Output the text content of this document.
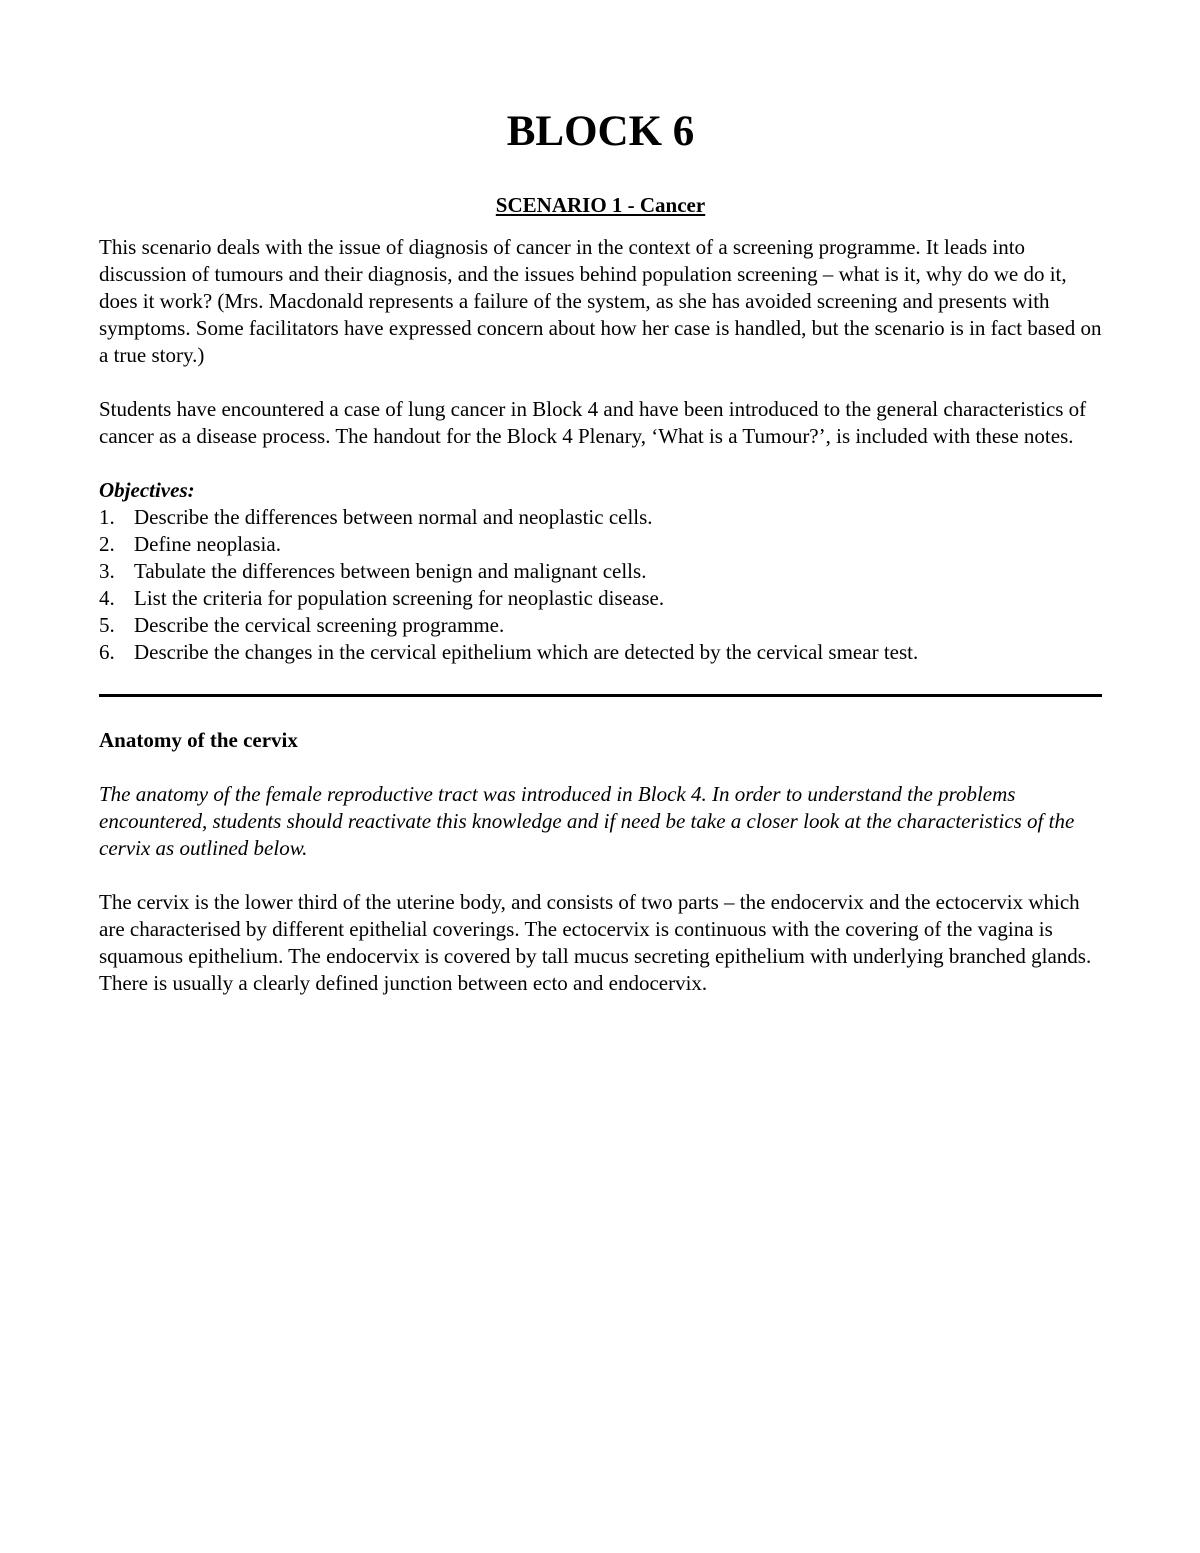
BLOCK 6
SCENARIO 1 - Cancer

This scenario deals with the issue of diagnosis of cancer in the context of a screening programme. It leads into discussion of tumours and their diagnosis, and the issues behind population screening – what is it, why do we do it, does it work? (Mrs. Macdonald represents a failure of the system, as she has avoided screening and presents with symptoms. Some facilitators have expressed concern about how her case is handled, but the scenario is in fact based on a true story.)

Students have encountered a case of lung cancer in Block 4 and have been introduced to the general characteristics of cancer as a disease process. The handout for the Block 4 Plenary, ‘What is a Tumour?’, is included with these notes.

Objectives:

1. Describe the differences between normal and neoplastic cells.
2. Define neoplasia.
3. Tabulate the differences between benign and malignant cells.
4. List the criteria for population screening for neoplastic disease.
5. Describe the cervical screening programme.
6. Describe the changes in the cervical epithelium which are detected by the cervical smear test.

Anatomy of the cervix

The anatomy of the female reproductive tract was introduced in Block 4. In order to understand the problems encountered, students should reactivate this knowledge and if need be take a closer look at the characteristics of the cervix as outlined below.

The cervix is the lower third of the uterine body, and consists of two parts – the endocervix and the ectocervix which are characterised by different epithelial coverings. The ectocervix is continuous with the covering of the vagina is squamous epithelium. The endocervix is covered by tall mucus secreting epithelium with underlying branched glands. There is usually a clearly defined junction between ecto and endocervix.
